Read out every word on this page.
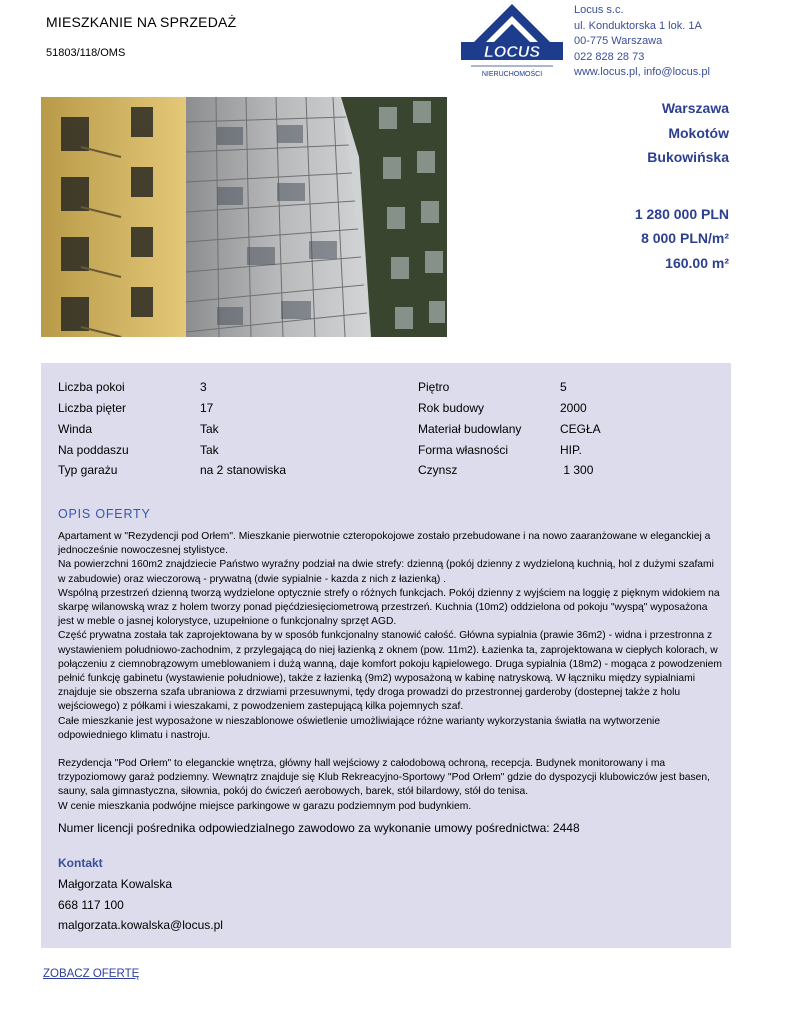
MIESZKANIE NA SPRZEDAŻ
51803/118/OMS	LOCUS
NIERUCHOMOŚCI
Locus s.c.
ul. Konduktorska 1 lok. 1A
00-775 Warszawa
022 828 28 73
www.locus.pl, info@locus.pl
Warszawa
Mokotów
Bukowińska
1 280 000 PLN
8 000 PLN/m²
160.00 m²
Liczba pokoi	3	Piętro	5
Liczba pięter	17	Rok budowy	2000
Winda	Tak	Materiał budowlany	CEGŁA
Na poddaszu	Tak	Forma własności	HIP.
Typ garażu	na 2 stanowiska	Czynsz	1 300
OPIS OFERTY

Apartament w "Rezydencji pod Orłem". Mieszkanie pierwotnie czteropokojowe zostało przebudowane i na nowo zaaranżowane w eleganckiej a jednocześnie nowoczesnej stylistyce.

Na powierzchni 160m2 znajdziecie Państwo wyraźny podział na dwie strefy: dzienną (pokój dzienny z wydzieloną kuchnią, hol z dużymi szafami w zabudowie) oraz wieczorową - prywatną (dwie sypialnie - kazda z nich z łazienką) .

Wspólną przestrzeń dzienną tworzą wydzielone optycznie strefy o różnych funkcjach. Pokój dzienny z wyjściem na loggię z pięknym widokiem na skarpę wilanowską wraz z holem tworzy ponad pięćdziesięciometrową przestrzeń. Kuchnia (10m2) oddzielona od pokoju "wyspą" wyposażona jest w meble o jasnej kolorystyce, uzupełnione o funkcjonalny sprzęt AGD.

Część prywatna została tak zaprojektowana by w sposób funkcjonalny stanowić całość. Główna sypialnia (prawie 36m2) - widna i przestronna z wystawieniem południowo-zachodnim, z przylegającą do niej łazienką z oknem (pow. 11m2). Łazienka ta, zaprojektowana w ciepłych kolorach, w połączeniu z ciemnobrązowym umeblowaniem i dużą wanną, daje komfort pokoju kąpielowego. Druga sypialnia (18m2) - mogąca z powodzeniem pełnić funkcję gabinetu (wystawienie południowe), także z łazienką (9m2) wyposażoną w kabinę natryskową. W łączniku między sypialniami znajduje sie obszerna szafa ubraniowa z drzwiami przesuwnymi, tędy droga prowadzi do przestronnej garderoby (dostepnej także z holu wejściowego) z półkami i wieszakami, z powodzeniem zastepującą kilka pojemnych szaf.

Całe mieszkanie jest wyposażone w nieszablonowe oświetlenie umożliwiające różne warianty wykorzystania światła na wytworzenie odpowiedniego klimatu i nastroju.

Rezydencja "Pod Orłem" to eleganckie wnętrza, główny hall wejściowy z całodobową ochroną, recepcja. Budynek monitorowany i ma trzypoziomowy garaż podziemny. Wewnątrz znajduje się Klub Rekreacyjno-Sportowy "Pod Orłem" gdzie do dyspozycji klubowiczów jest basen, sauny, sala gimnastyczna, siłownia, pokój do ćwiczeń aerobowych, barek, stół bilardowy, stół do tenisa.

W cenie mieszkania podwójne miejsce parkingowe w garazu podziemnym pod budynkiem.

Numer licencji pośrednika odpowiedzialnego zawodowo za wykonanie umowy pośrednictwa: 2448
Kontakt
Małgorzata Kowalska
668 117 100
malgorzata.kowalska@locus.pl
ZOBACZ OFERTĘ
